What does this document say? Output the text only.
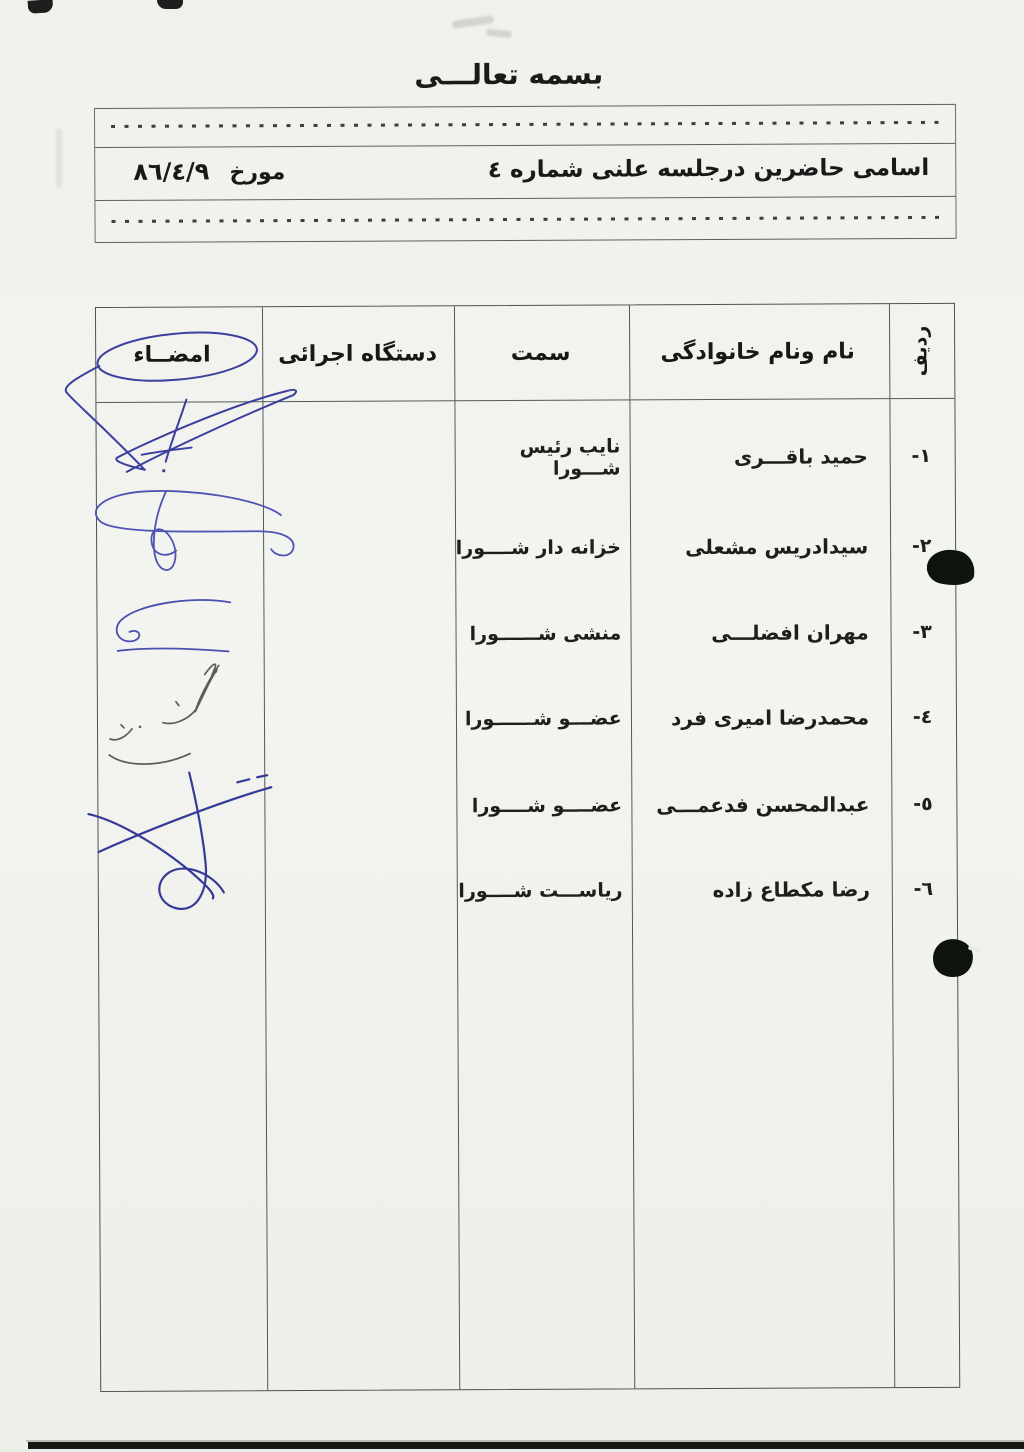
بسمه تعالـــی
اسامی حاضرین درجلسه علنی شماره ٤
مورخ٨٦/٤/٩
ردیف
نام ونام خانوادگی
سمت
دستگاه اجرائی
امضــاء
١-
حمید باقـــری
نایب رئیس شـــورا
٢-
سیدادریس مشعلی
خزانه دار شــــورا
٣-
مهران افضلـــی
منشی شــــــورا
٤-
محمدرضا امیری فرد
عضـــو شــــــورا
٥-
عبدالمحسن فدعمـــی
عضــــو شــــورا
٦-
رضا مکطاع زاده
ریاســـت شــــورا
